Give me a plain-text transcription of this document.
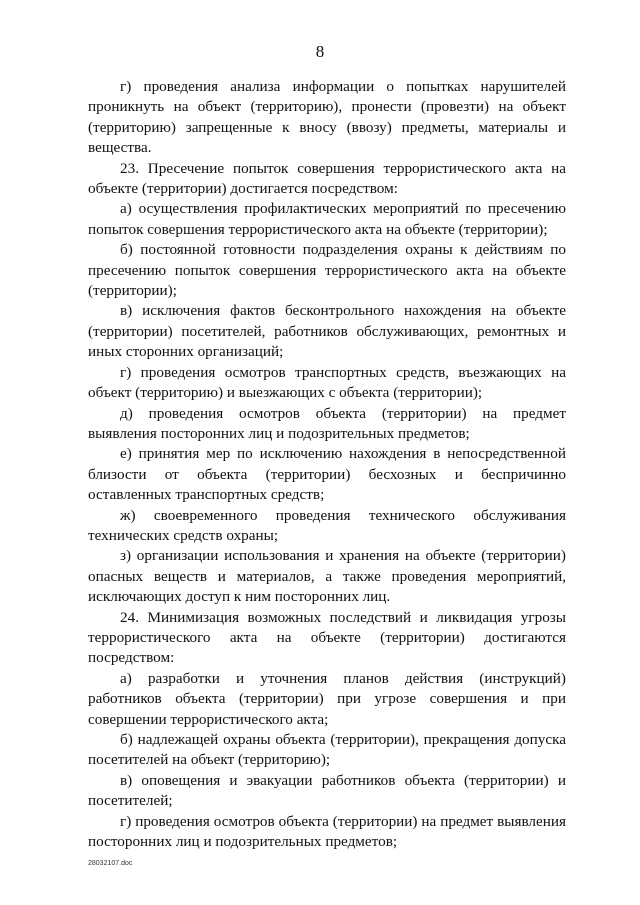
8

г) проведения анализа информации о попытках нарушителей проникнуть на объект (территорию), пронести (провезти) на объект (территорию) запрещенные к вносу (ввозу) предметы, материалы и вещества.

23. Пресечение попыток совершения террористического акта на объекте (территории) достигается посредством:

а) осуществления профилактических мероприятий по пресечению попыток совершения террористического акта на объекте (территории);

б) постоянной готовности подразделения охраны к действиям по пресечению попыток совершения террористического акта на объекте (территории);

в) исключения фактов бесконтрольного нахождения на объекте (территории) посетителей, работников обслуживающих, ремонтных и иных сторонних организаций;

г) проведения осмотров транспортных средств, въезжающих на объект (территорию) и выезжающих с объекта (территории);

д) проведения осмотров объекта (территории) на предмет выявления посторонних лиц и подозрительных предметов;

е) принятия мер по исключению нахождения в непосредственной близости от объекта (территории) бесхозных и беспричинно оставленных транспортных средств;

ж) своевременного проведения технического обслуживания технических средств охраны;

з) организации использования и хранения на объекте (территории) опасных веществ и материалов, а также проведения мероприятий, исключающих доступ к ним посторонних лиц.

24. Минимизация возможных последствий и ликвидация угрозы террористического акта на объекте (территории) достигаются посредством:

а) разработки и уточнения планов действия (инструкций) работников объекта (территории) при угрозе совершения и при совершении террористического акта;

б) надлежащей охраны объекта (территории), прекращения допуска посетителей на объект (территорию);

в) оповещения и эвакуации работников объекта (территории) и посетителей;

г) проведения осмотров объекта (территории) на предмет выявления посторонних лиц и подозрительных предметов;

28032107.doc
